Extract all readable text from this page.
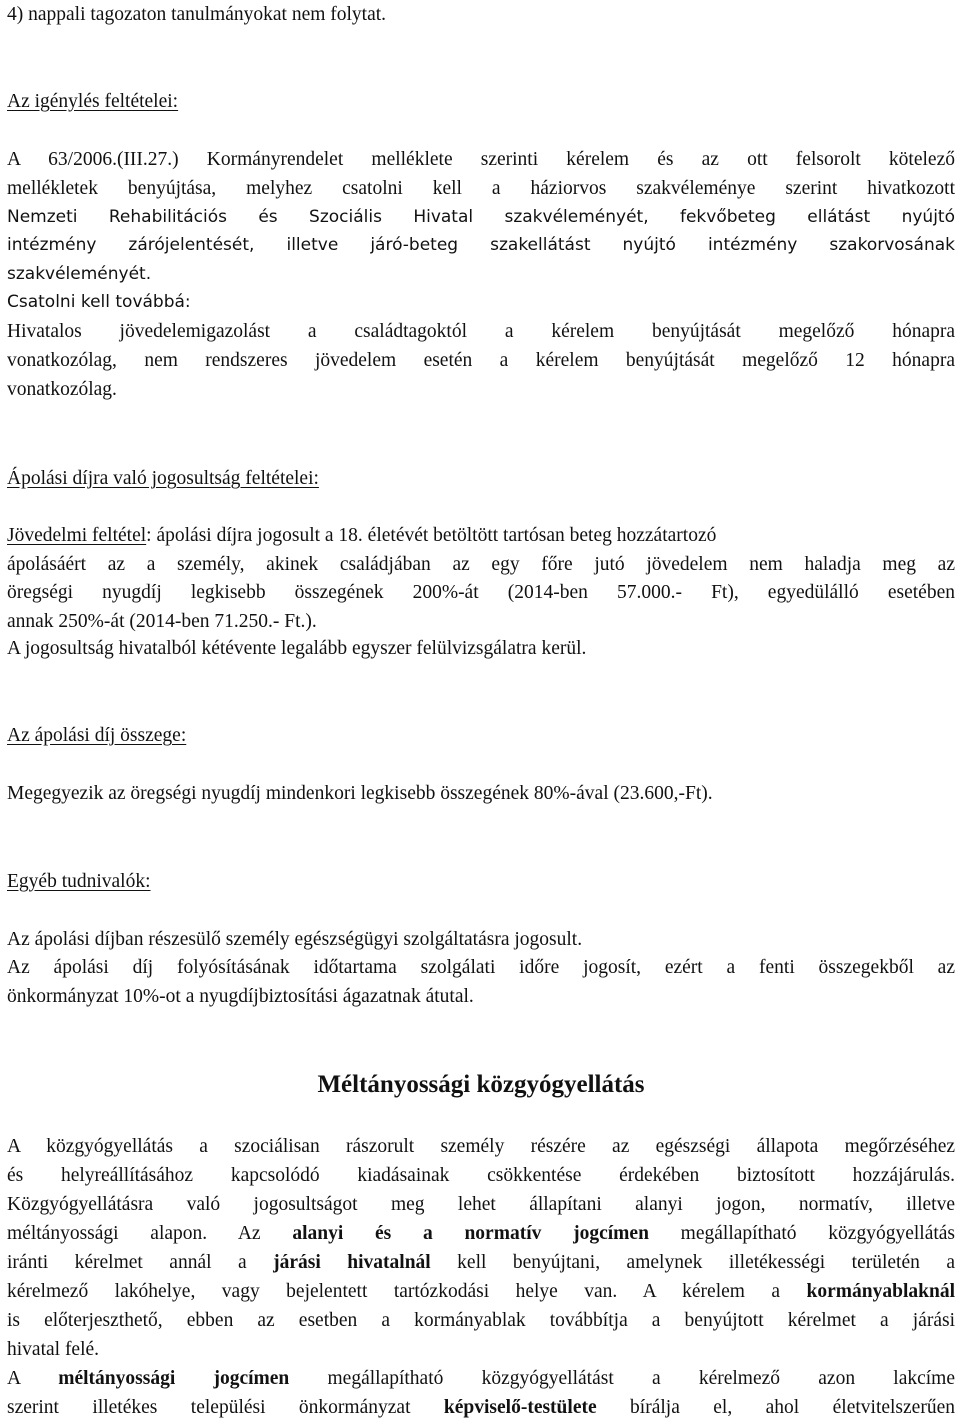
4) nappali tagozaton tanulmányokat nem folytat.
Az igénylés feltételei:
A 63/2006.(III.27.) Kormányrendelet melléklete szerinti kérelem és az ott felsorolt kötelező
mellékletek benyújtása, melyhez csatolni kell a háziorvos szakvéleménye szerint hivatkozott
Nemzeti Rehabilitációs és Szociális Hivatal szakvéleményét, fekvőbeteg ellátást nyújtó
intézmény zárójelentését, illetve járó-beteg szakellátást nyújtó intézmény szakorvosának
szakvéleményét.
Csatolni kell továbbá:
Hivatalos jövedelemigazolást a családtagoktól a kérelem benyújtását megelőző hónapra
vonatkozólag, nem rendszeres jövedelem esetén a kérelem benyújtását megelőző 12 hónapra
vonatkozólag.
Ápolási díjra való jogosultság feltételei:
Jövedelmi feltétel: ápolási díjra jogosult a 18. életévét betöltött tartósan beteg hozzátartozó
ápolásáért az a személy, akinek családjában az egy főre jutó jövedelem nem haladja meg az
öregségi nyugdíj legkisebb összegének 200%-át (2014-ben 57.000.- Ft), egyedülálló esetében
annak 250%-át (2014-ben 71.250.- Ft.).
A jogosultság hivatalból kétévente legalább egyszer felülvizsgálatra kerül.
Az ápolási díj összege:
Megegyezik az öregségi nyugdíj mindenkori legkisebb összegének 80%-ával (23.600,-Ft).
Egyéb tudnivalók:
Az ápolási díjban részesülő személy egészségügyi szolgáltatásra jogosult.
Az ápolási díj folyósításának időtartama szolgálati időre jogosít, ezért a fenti összegekből az
önkormányzat 10%-ot a nyugdíjbiztosítási ágazatnak átutal.
Méltányossági közgyógyellátás
A közgyógyellátás a szociálisan rászorult személy részére az egészségi állapota megőrzéséhez
és helyreállításához kapcsolódó kiadásainak csökkentése érdekében biztosított hozzájárulás.
Közgyógyellátásra való jogosultságot meg lehet állapítani alanyi jogon, normatív, illetve
méltányossági alapon. Az alanyi és a normatív jogcímen megállapítható közgyógyellátás
iránti kérelmet annál a járási hivatalnál kell benyújtani, amelynek illetékességi területén a
kérelmező lakóhelye, vagy bejelentett tartózkodási helye van. A kérelem a kormányablaknál
is előterjeszthető, ebben az esetben a kormányablak továbbítja a benyújtott kérelmet a járási
hivatal felé.
A méltányossági jogcímen megállapítható közgyógyellátást a kérelmező azon lakcíme
szerint illetékes települési önkormányzat képviselő-testülete bírálja el, ahol életvitelszerűen
